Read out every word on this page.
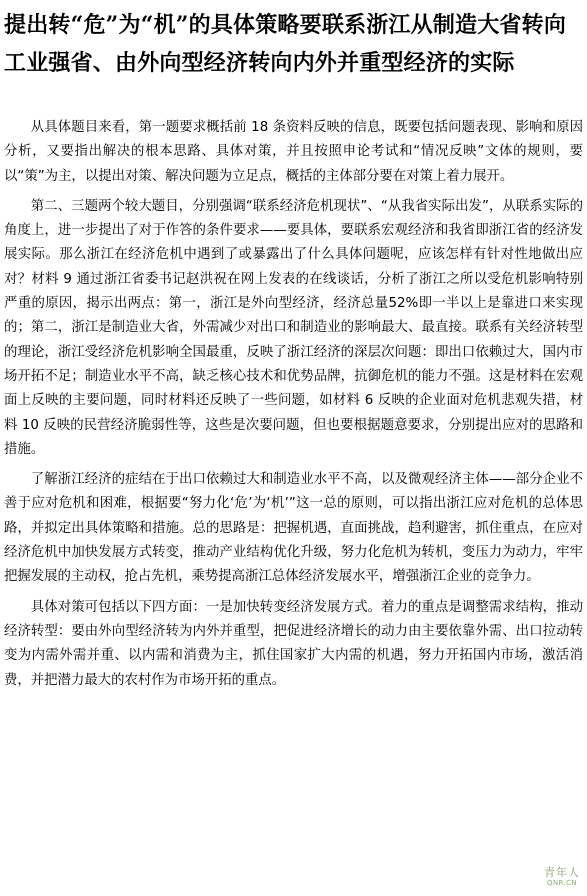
提出转“危”为“机”的具体策略要联系浙江从制造大省转向工业强省、由外向型经济转向内外并重型经济的实际

从具体题目来看，第一题要求概括前 18 条资料反映的信息，既要包括问题表现、影响和原因分析，又要指出解决的根本思路、具体对策，并且按照申论考试和“情况反映”文体的规则，要以“策”为主，以提出对策、解决问题为立足点，概括的主体部分要在对策上着力展开。

第二、三题两个较大题目，分别强调“联系经济危机现状”、“从我省实际出发”，从联系实际的角度上，进一步提出了对于作答的条件要求——要具体，要联系宏观经济和我省即浙江省的经济发展实际。那么浙江在经济危机中遇到了或暴露出了什么具体问题呢，应该怎样有针对性地做出应对？材料 9 通过浙江省委书记赵洪祝在网上发表的在线谈话，分析了浙江之所以受危机影响特别严重的原因，揭示出两点：第一，浙江是外向型经济，经济总量52%即一半以上是靠进口来实现的；第二，浙江是制造业大省，外需减少对出口和制造业的影响最大、最直接。联系有关经济转型的理论，浙江受经济危机影响全国最重，反映了浙江经济的深层次问题：即出口依赖过大，国内市场开拓不足；制造业水平不高，缺乏核心技术和优势品牌，抗御危机的能力不强。这是材料在宏观面上反映的主要问题，同时材料还反映了一些问题，如材料 6 反映的企业面对危机悲观失措，材料 10 反映的民营经济脆弱性等，这些是次要问题，但也要根据题意要求，分别提出应对的思路和措施。

了解浙江经济的症结在于出口依赖过大和制造业水平不高，以及微观经济主体——部分企业不善于应对危机和困难，根据要“努力化‘危’为‘机’”这一总的原则，可以指出浙江应对危机的总体思路，并拟定出具体策略和措施。总的思路是：把握机遇，直面挑战，趋利避害，抓住重点，在应对经济危机中加快发展方式转变，推动产业结构优化升级，努力化危机为转机，变压力为动力，牢牢把握发展的主动权，抢占先机，乘势提高浙江总体经济发展水平，增强浙江企业的竞争力。

具体对策可包括以下四方面：一是加快转变经济发展方式。着力的重点是调整需求结构，推动经济转型：要由外向型经济转为内外并重型，把促进经济增长的动力由主要依靠外需、出口拉动转变为内需外需并重、以内需和消费为主，抓住国家扩大内需的机遇，努力开拓国内市场，激活消费，并把潜力最大的农村作为市场开拓的重点。

青年人
QNR.CN
